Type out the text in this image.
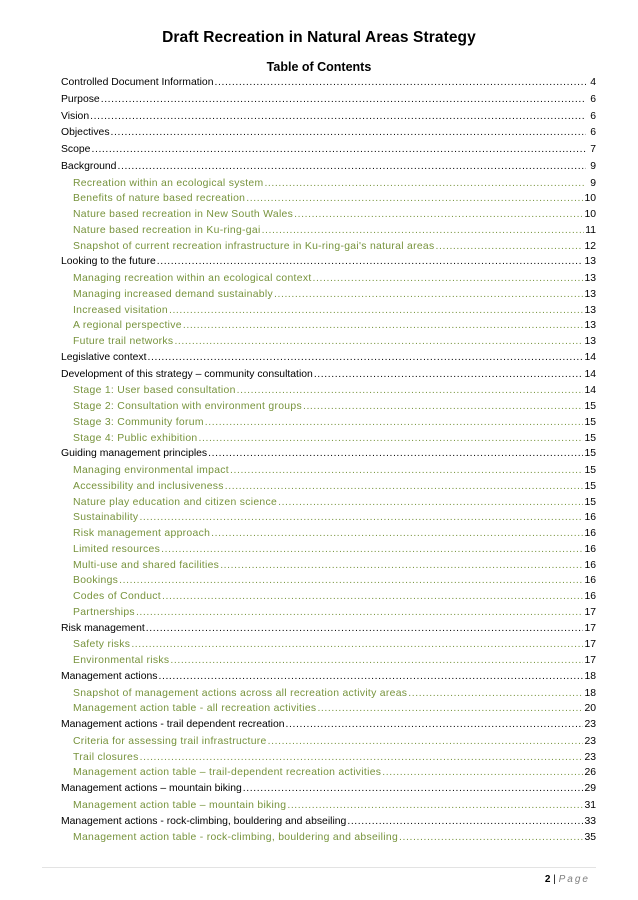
Draft Recreation in Natural Areas Strategy
Table of Contents
Controlled Document Information .....	4
Purpose .....	6
Vision .....	6
Objectives .....	6
Scope .....	7
Background .....	9
Recreation within an ecological system .....	9
Benefits of nature based recreation .....	10
Nature based recreation in New South Wales .....	10
Nature based recreation in Ku-ring-gai .....	11
Snapshot of current recreation infrastructure in Ku-ring-gai's natural areas .....	12
Looking to the future .....	13
Managing recreation within an ecological context .....	13
Managing increased demand sustainably .....	13
Increased visitation .....	13
A regional perspective .....	13
Future trail networks .....	13
Legislative context .....	14
Development of this strategy – community consultation .....	14
Stage 1: User based consultation .....	14
Stage 2: Consultation with environment groups .....	15
Stage 3: Community forum .....	15
Stage 4: Public exhibition .....	15
Guiding management principles .....	15
Managing environmental impact .....	15
Accessibility and inclusiveness .....	15
Nature play education and citizen science .....	15
Sustainability .....	16
Risk management approach .....	16
Limited resources .....	16
Multi-use and shared facilities .....	16
Bookings .....	16
Codes of Conduct .....	16
Partnerships .....	17
Risk management .....	17
Safety risks .....	17
Environmental risks .....	17
Management actions .....	18
Snapshot of management actions across all recreation activity areas .....	18
Management action table - all recreation activities .....	20
Management actions - trail dependent recreation .....	23
Criteria for assessing trail infrastructure .....	23
Trail closures .....	23
Management action table – trail-dependent recreation activities .....	26
Management actions – mountain biking .....	29
Management action table – mountain biking .....	31
Management actions - rock-climbing, bouldering and abseiling .....	33
Management action table - rock-climbing, bouldering and abseiling .....	35
2 | Page
